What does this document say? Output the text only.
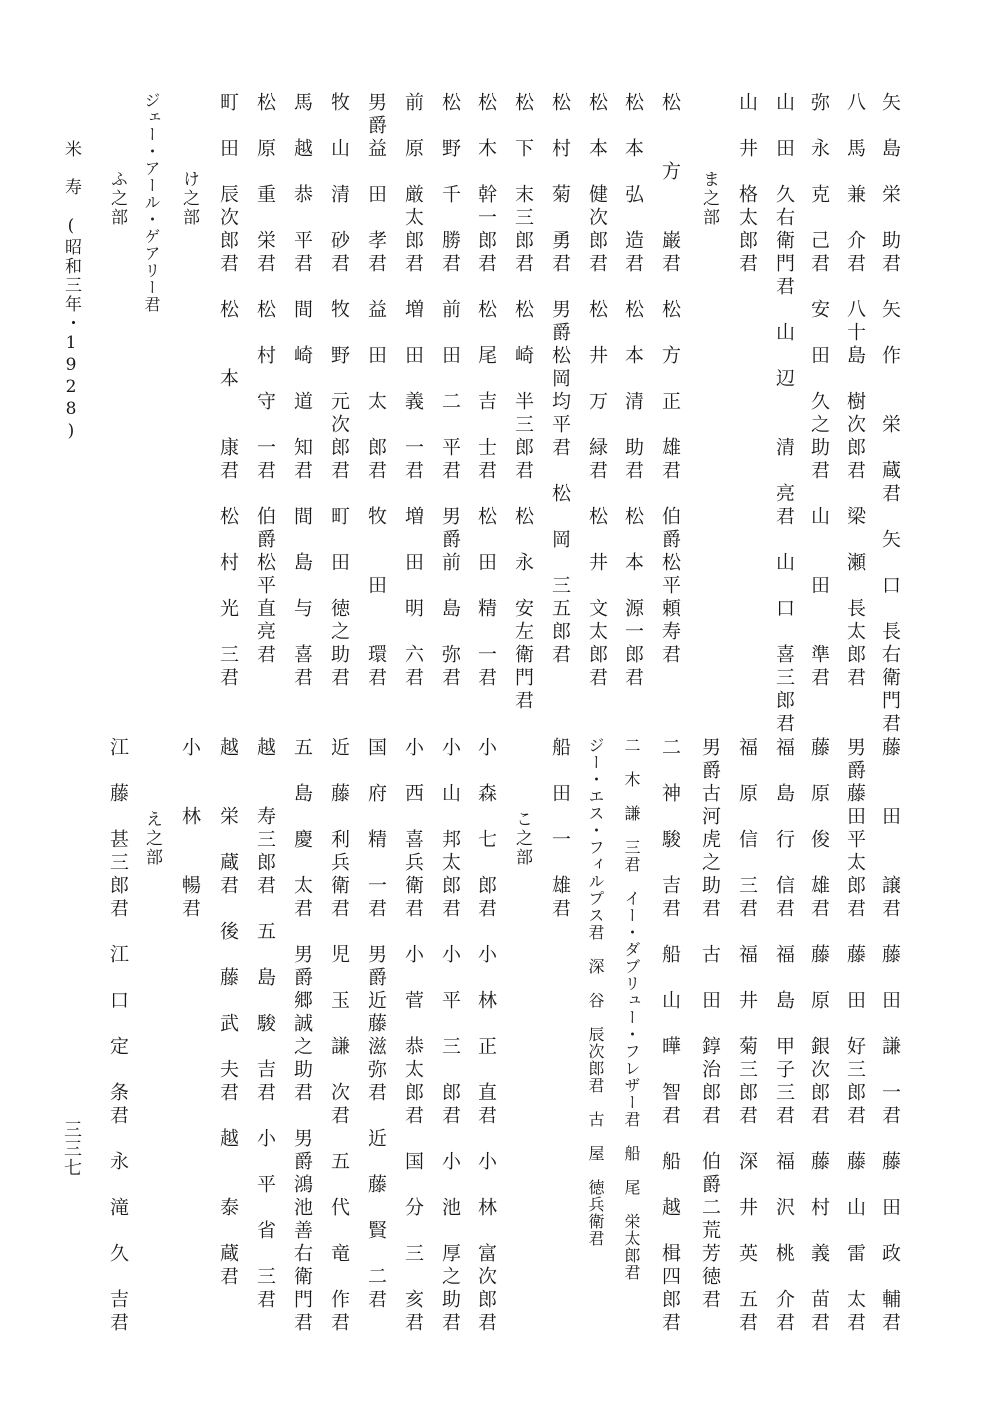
矢　島　栄　助君　矢　作　　栄　蔵君　矢　口　長右衛門君
八　馬　兼　介君　八十島　樹次郎君　梁　瀬　長太郎君
弥　永　克　己君　安　田　久之助君　山　　田　　準君
山　田　久右衛門君　山　辺　　清　亮君　山　口　喜三郎君
山　井　格太郎君
ま之部
松　　方　　巌君　松　方　正　雄君　伯爵松平頼寿君
松　本　弘　造君　松　本　清　助君　松　本　源一郎君
松　本　健次郎君　松　井　万　緑君　松　井　文太郎君
松　村　菊　勇君　男爵松岡均平君　松　岡　三五郎君
松　下　末三郎君　松　崎　半三郎君　松　永　安左衛門君
松　木　幹一郎君　松　尾　吉　士君　松　田　精　一君
松　野　千　勝君　前　田　二　平君　男爵前　島　弥君
前　原　厳太郎君　増　田　義　一君　増　田　明　六君
男爵益　田　孝君　益　田　太　郎君　牧　　田　　環君
牧　山　清　砂君　牧　野　元次郎君　町　田　徳之助君
馬　越　恭　平君　間　崎　道　知君　間　島　与　喜君
松　原　重　栄君　松　村　守　一君　伯爵松平直亮君
町　田　辰次郎君　松　　本　　康君　松　村　光　三君
け之部
ジェー・アール・ゲアリー君
ふ之部
藤　　田　　譲君　藤　田　謙　一君　藤　田　政　輔君
男爵藤田平太郎君　藤　田　好三郎君　藤　山　雷　太君
藤　原　俊　雄君　藤　原　銀次郎君　藤　村　義　苗君
福　島　行　信君　福　島　甲子三君　福　沢　桃　介君
福　原　信　三君　福　井　菊三郎君　深　井　英　五君
男爵古河虎之助君　古　田　錞治郎君　伯爵二荒芳徳君
二　神　駿　吉君　船　山　曄　智君　船　越　楫四郎君
二　木　謙　三君　イー・ダブリュー・フレザー君　船　尾　栄太郎君
ジー・エス・フィルプス君　深　谷　辰次郎君　古　屋　徳兵衛君
船　田　一　雄君
こ之部
小　森　七　郎君　小　林　正　直君　小　林　富次郎君
小　山　邦太郎君　小　平　三　郎君　小　池　厚之助君
小　西　喜兵衛君　小　菅　恭太郎君　国　分　三　亥君
国　府　精　一君　男爵近藤滋弥君　近　藤　賢　二君
近　藤　利兵衛君　児　玉　謙　次君　五　代　竜　作君
五　島　慶　太君　男爵郷誠之助君　男爵鴻池善右衛門君
越　　寿三郎君　五　島　駿　吉君　小　平　省　三君
越　　栄　蔵君　後　藤　武　夫君　越　　泰　蔵君
小　　林　　暢君
え之部
江　藤　甚三郎君　江　口　定　条君　永　滝　久　吉君
米　寿　(昭和三年・1928)
三三七
